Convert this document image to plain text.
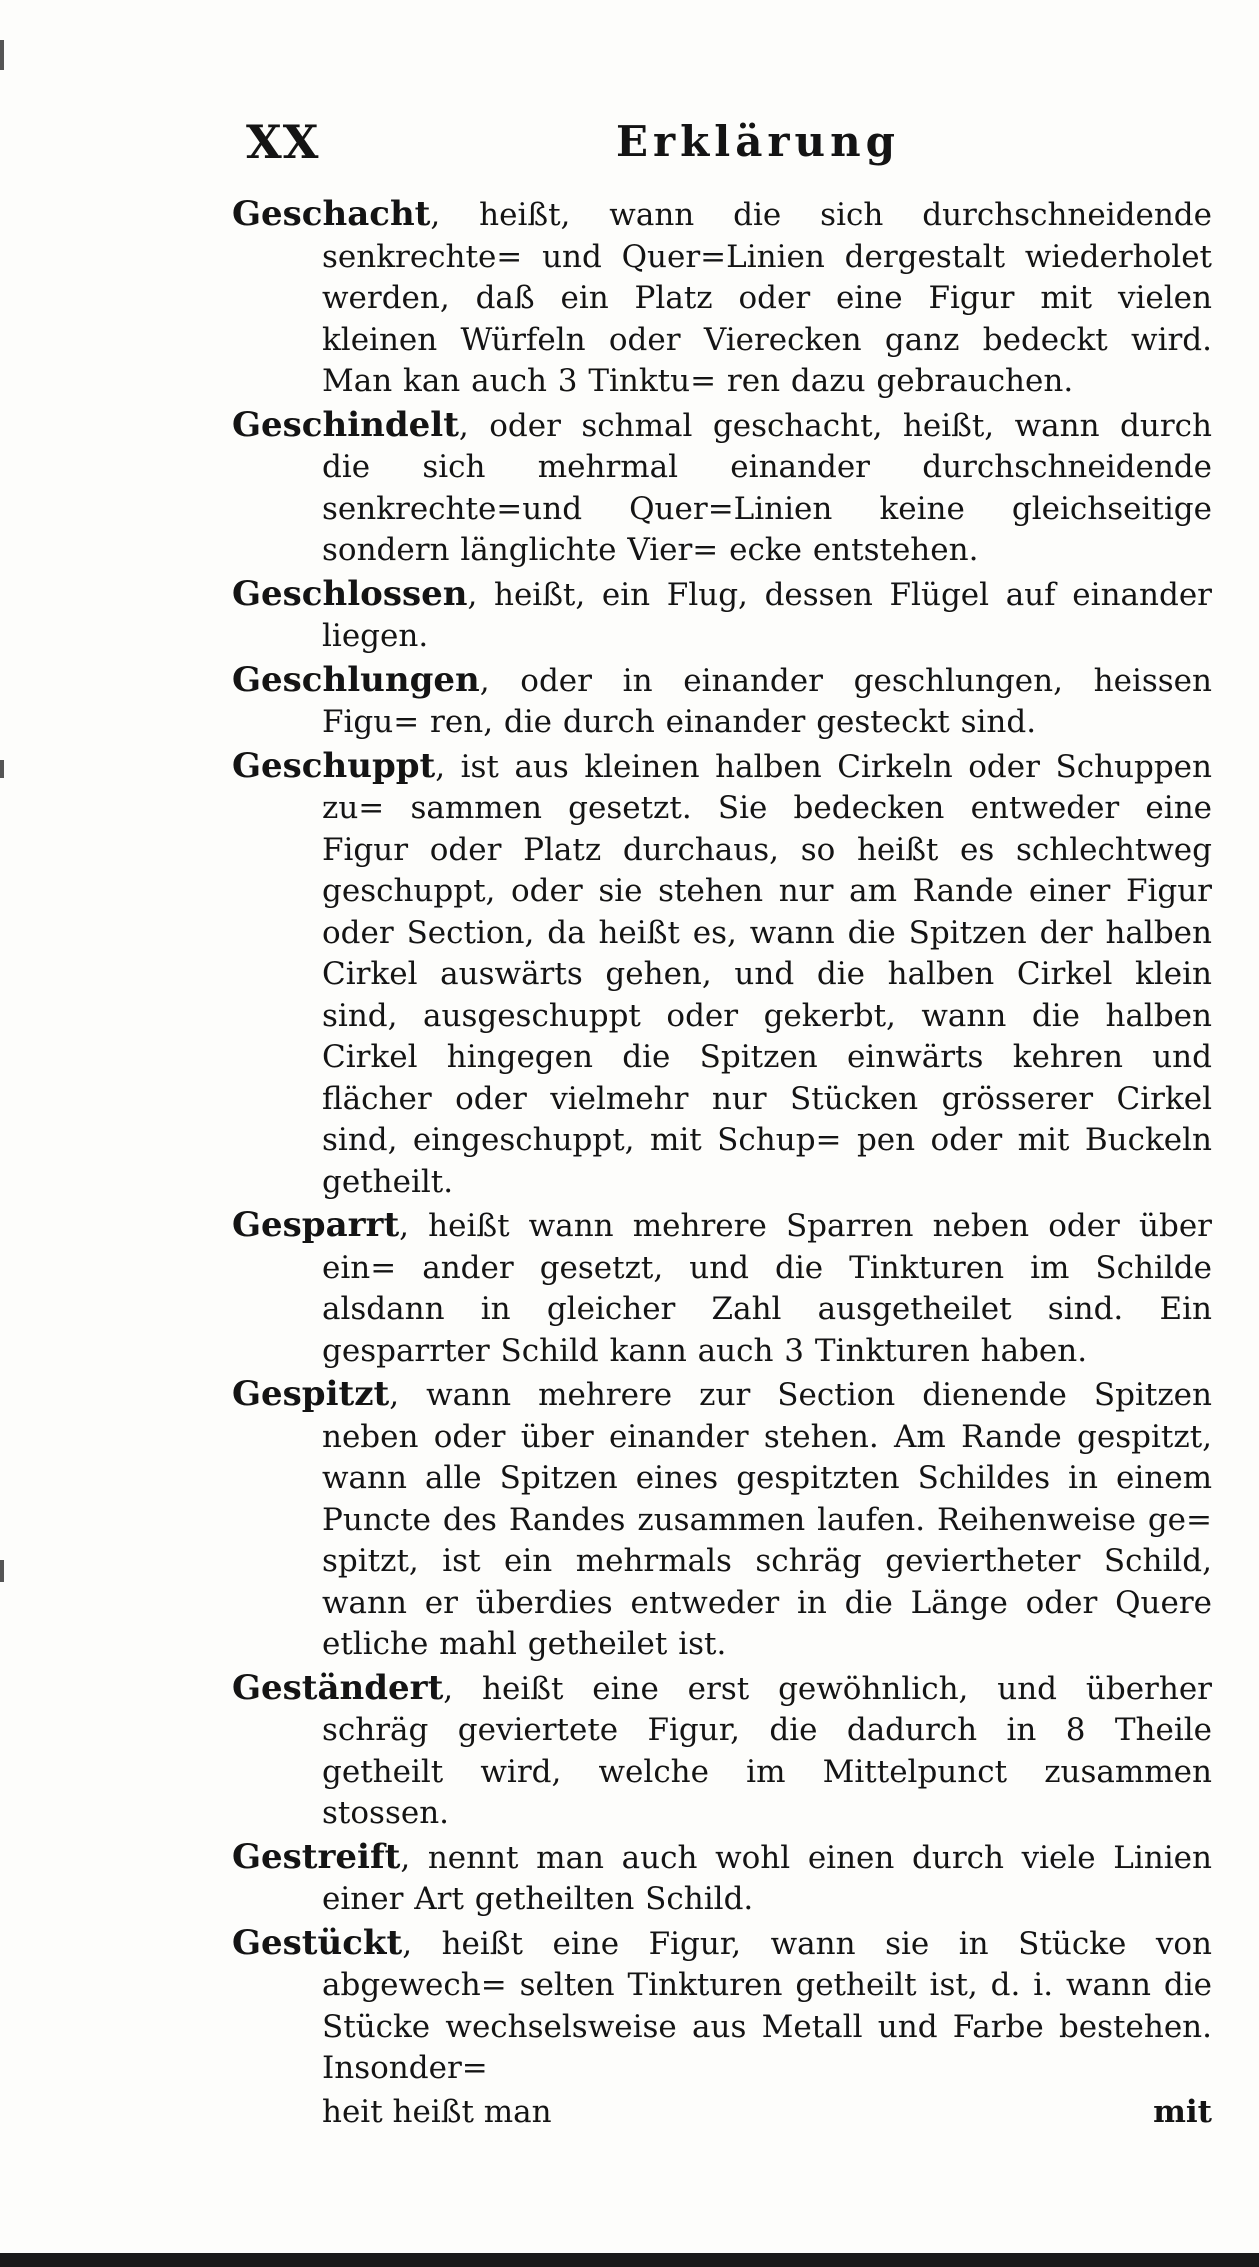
XX	Erklärung

Geschacht, heißt, wann die sich durchschneidende senkrechte= und Quer=Linien dergestalt wiederholet werden, daß ein Platz oder eine Figur mit vielen kleinen Würfeln oder Vierecken ganz bedeckt wird. Man kan auch 3 Tinktu= ren dazu gebrauchen.

Geschindelt, oder schmal geschacht, heißt, wann durch die sich mehrmal einander durchschneidende senkrechte=und Quer=Linien keine gleichseitige sondern länglichte Vier= ecke entstehen.

Geschlossen, heißt, ein Flug, dessen Flügel auf einander liegen.

Geschlungen, oder in einander geschlungen, heissen Figu= ren, die durch einander gesteckt sind.

Geschuppt, ist aus kleinen halben Cirkeln oder Schuppen zu= sammen gesetzt. Sie bedecken entweder eine Figur oder Platz durchaus, so heißt es schlechtweg geschuppt, oder sie stehen nur am Rande einer Figur oder Section, da heißt es, wann die Spitzen der halben Cirkel auswärts gehen, und die halben Cirkel klein sind, ausgeschuppt oder gekerbt, wann die halben Cirkel hingegen die Spitzen einwärts kehren und flächer oder vielmehr nur Stücken grösserer Cirkel sind, eingeschuppt, mit Schup= pen oder mit Buckeln getheilt.

Gesparrt, heißt wann mehrere Sparren neben oder über ein= ander gesetzt, und die Tinkturen im Schilde alsdann in gleicher Zahl ausgetheilet sind. Ein gesparrter Schild kann auch 3 Tinkturen haben.

Gespitzt, wann mehrere zur Section dienende Spitzen neben oder über einander stehen. Am Rande gespitzt, wann alle Spitzen eines gespitzten Schildes in einem Puncte des Randes zusammen laufen. Reihenweise ge= spitzt, ist ein mehrmals schräg geviertheter Schild, wann er überdies entweder in die Länge oder Quere etliche mahl getheilet ist.

Geständert, heißt eine erst gewöhnlich, und überher schräg geviertete Figur, die dadurch in 8 Theile getheilt wird, welche im Mittelpunct zusammen stossen.

Gestreift, nennt man auch wohl einen durch viele Linien einer Art getheilten Schild.

Gestückt, heißt eine Figur, wann sie in Stücke von abgewech= selten Tinkturen getheilt ist, d. i. wann die Stücke wechselsweise aus Metall und Farbe bestehen. Insonder=

heit heißt man	mit
